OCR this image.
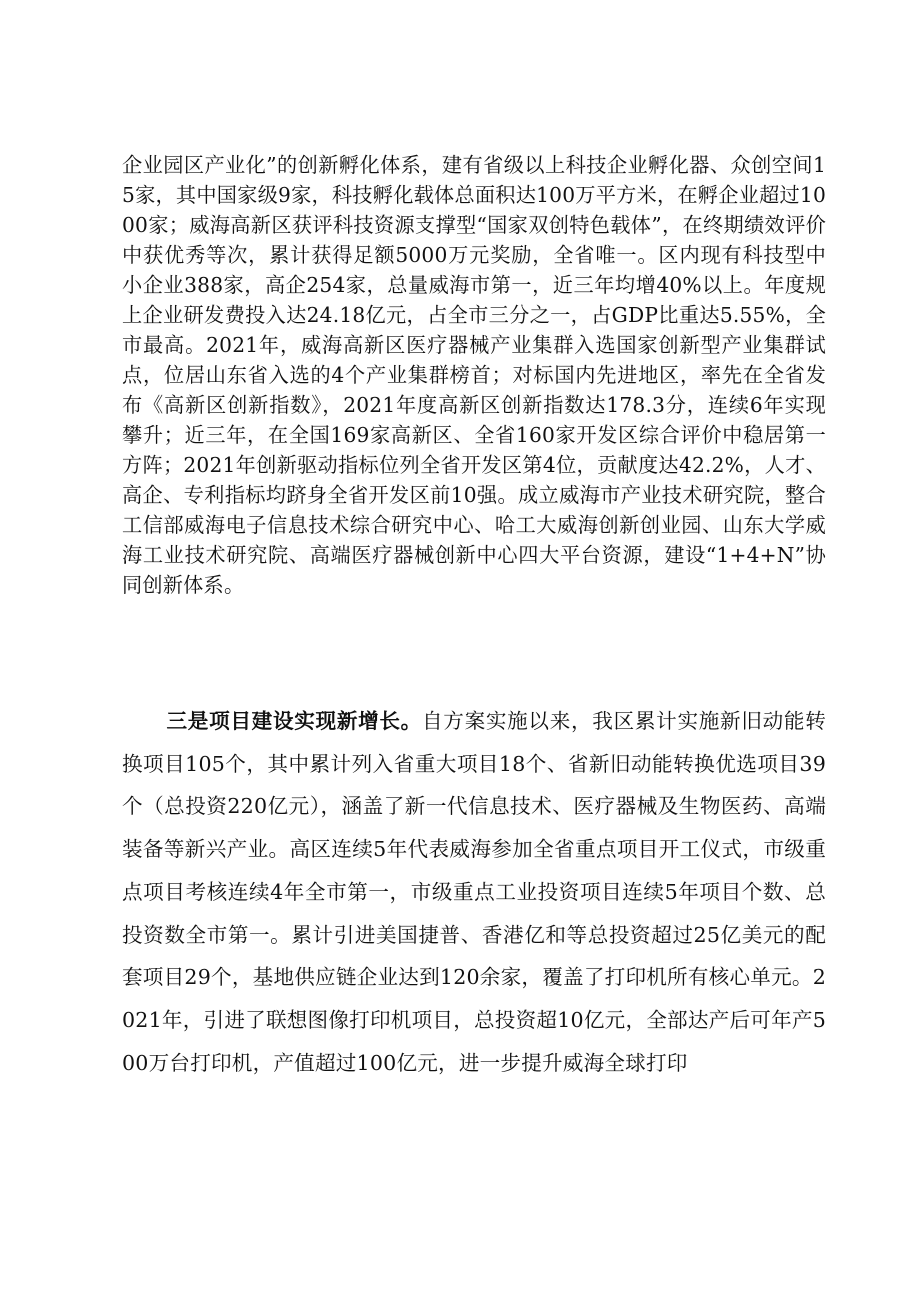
企业园区产业化”的创新孵化体系，建有省级以上科技企业孵化器、众创空间15家，其中国家级9家，科技孵化载体总面积达100万平方米，在孵企业超过1000家；威海高新区获评科技资源支撑型“国家双创特色载体”，在终期绩效评价中获优秀等次，累计获得足额5000万元奖励，全省唯一。区内现有科技型中小企业388家，高企254家，总量威海市第一，近三年均增40%以上。年度规上企业研发费投入达24.18亿元，占全市三分之一，占GDP比重达5.55%，全市最高。2021年，威海高新区医疗器械产业集群入选国家创新型产业集群试点，位居山东省入选的4个产业集群榜首；对标国内先进地区，率先在全省发布《高新区创新指数》，2021年度高新区创新指数达178.3分，连续6年实现攀升；近三年，在全国169家高新区、全省160家开发区综合评价中稳居第一方阵；2021年创新驱动指标位列全省开发区第4位，贡献度达42.2%，人才、高企、专利指标均跻身全省开发区前10强。成立威海市产业技术研究院，整合工信部威海电子信息技术综合研究中心、哈工大威海创新创业园、山东大学威海工业技术研究院、高端医疗器械创新中心四大平台资源，建设“1+4+N”协同创新体系。

三是项目建设实现新增长。自方案实施以来，我区累计实施新旧动能转换项目105个，其中累计列入省重大项目18个、省新旧动能转换优选项目39个（总投资220亿元），涵盖了新一代信息技术、医疗器械及生物医药、高端装备等新兴产业。高区连续5年代表威海参加全省重点项目开工仪式，市级重点项目考核连续4年全市第一，市级重点工业投资项目连续5年项目个数、总投资数全市第一。累计引进美国捷普、香港亿和等总投资超过25亿美元的配套项目29个，基地供应链企业达到120余家，覆盖了打印机所有核心单元。2021年，引进了联想图像打印机项目，总投资超10亿元，全部达产后可年产500万台打印机，产值超过100亿元，进一步提升威海全球打印
